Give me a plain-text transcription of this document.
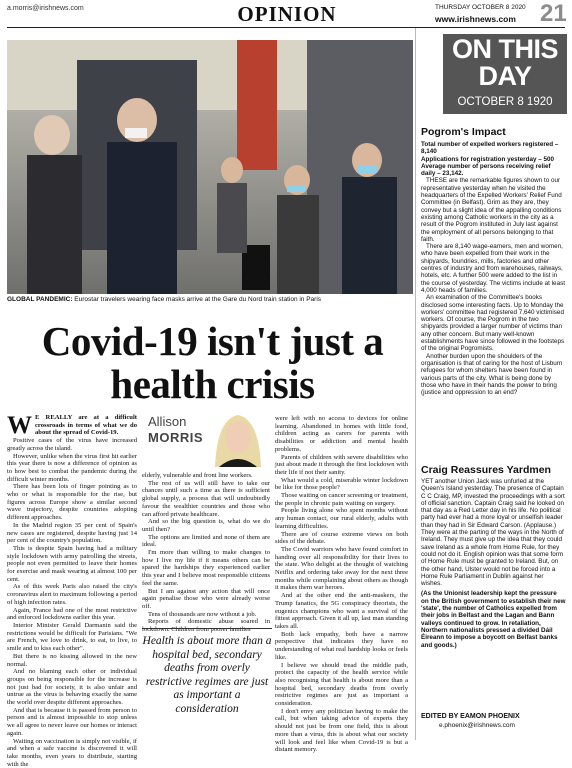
a.morris@irishnews.com	OPINION	THURSDAY OCTOBER 8 2020
www.irishnews.com 21
GLOBAL PANDEMIC: Eurostar travelers wearing face masks arrive at the Gare du Nord train station in Paris
Covid-19 isn't just a health crisis
W E REALLY are at a difficult crossroads in terms of what we do about the spread of Covid-19.

Positive cases of the virus have increased greatly across the island.

However, unlike when the virus first hit earlier this year there is now a difference of opinion as to how best to combat the pandemic during the difficult winter months.

There has been lots of finger pointing as to who or what is responsible for the rise, but figures across Europe show a similar second wave trajectory, despite countries adopting different approaches.

In the Madrid region 35 per cent of Spain's new cases are registered, despite having just 14 per cent of the country's population.

This is despite Spain having had a military style lockdown with army patrolling the streets, people not even permitted to leave their homes for exercise and mask wearing at almost 100 per cent.

As of this week Paris also raised the city's coronavirus alert to maximum following a period of high infection rates.

Again, France had one of the most restrictive and enforced lockdowns earlier this year.

Interior Minister Gerald Darmanin said the restrictions would be difficult for Parisians. "We are French, we love to drink, to eat, to live, to smile and to kiss each other".

But there is no kissing allowed in the new normal.

And no blaming each other or individual groups on being responsible for the increase is not just bad for society, it is also unfair and untrue as the virus is behaving exactly the same the world over despite different approaches.

And that is because it is passed from person to person and is almost impossible to stop unless we all agree to never leave our homes or interact again.

Waiting on vaccination is simply not visible, if and when a safe vaccine is discovered it will take months, even years to distribute, starting with the

Allison
MORRIS

elderly, vulnerable and front line workers.

The rest of us will still have to take our chances until such a time as there is sufficient global supply, a process that will undoubtedly favour the wealthier countries and those who can afford private healthcare.

And so the big question is, what do we do until then?

The options are limited and none of them are ideal.

I'm more than willing to make changes to how I live my life if it means others can be spared the hardships they experienced earlier this year and I believe most responsible citizens feel the same.

But I am against any action that will once again penalise those who were already worse off.

Tens of thousands are now without a job.

Reports of domestic abuse soared in lockdown. Children from poorer families

Health is about more than a hospital bed, secondary deaths from overly restrictive regimes are just as important a consideration

were left with no access to devices for online learning. Abandoned in homes with little food, children acting as carers for parents with disabilities or addiction and mental health problems.

Parents of children with severe disabilities who just about made it through the first lockdown with their life if not their sanity.

What would a cold, miserable winter lockdown be like for those people?

Those waiting on cancer screening or treatment, the people in chronic pain waiting on surgery.

People living alone who spent months without any human contact, our rural elderly, adults with learning difficulties.

There are of course extreme views on both sides of the debate.

The Covid warriors who have found comfort in handing over all responsibility for their lives to the state. Who delight at the thought of watching Netflix and ordering take away for the next three months while complaining about others as though it makes them war heroes.

And at the other end the anti-maskers, the Trump fanatics, the 5G conspiracy theorists, the eugenics champions who want a survival of the fittest approach. Given it all up, last man standing takes all.

Both lack empathy, both have a narrow perspective that indicates they have no understanding of what real hardship looks or feels like.

I believe we should tread the middle path, protect the capacity of the health service while also recognising that health is about more than a hospital bed, secondary deaths from overly restrictive regimes are just as important a consideration.

I don't envy any politician having to make the call, but when taking advice of experts they should not just be from one field, this is about more than a virus, this is about what our society will look and feel like when Covid-19 is but a distant memory.

ON THIS DAY
OCTOBER 8 1920
Pogrom's Impact

Total number of expelled workers registered – 8,140

Applications for registration yesterday – 500

Average number of persons receiving relief daily – 23,142.

THESE are the remarkable figures shown to our representative yesterday when he visited the headquarters of the Expelled Workers' Relief Fund Committee (in Belfast). Grim as they are, they convey but a slight idea of the appalling conditions existing among Catholic workers in the city as a result of the Pogrom instituted in July last against the employment of all persons belonging to that faith.

There are 8,140 wage-earners, men and women, who have been expelled from their work in the shipyards, foundries, mills, factories and other centres of industry and from warehouses, railways, hotels, etc. A further 500 were added to the list in the course of yesterday. The victims include at least 4,000 heads of families.

An examination of the Committee's books disclosed some interesting facts. Up to Monday the workers' committee had registered 7,640 victimised workers. Of course, the Pogrom in the two shipyards provided a larger number of victims than any other concern. But many well-known establishments have since followed in the footsteps of the original Pogromists.

Another burden upon the shoulders of the organisation is that of caring for the host of Lisburn refugees for whom shelters have been found in various parts of the city. What is being done by those who have in their hands the power to bring (justice and oppression to an end?

Craig Reassures Yardmen

YET another Union Jack was unfurled at the Queen's Island yesterday. The presence of Captain C C Craig, MP, invested the proceedings with a sort of official sanction. Captain Craig said he looked on that day as a Red Letter day in his life. No political party had ever had a more loyal or unselfish leader than they had in Sir Edward Carson. (Applause.) They were at the parting of the ways in the North of Ireland. They must give up the idea that they could save Ireland as a whole from Home Rule, for they could not do it. English opinion was that some form of Home Rule must be granted to Ireland. But, on the other hand, Ulster would not be forced into a Home Rule Parliament in Dublin against her wishes.

(As the Unionist leadership kept the pressure on the British government to establish their new 'state', the number of Catholics expelled from their jobs in Belfast and the Lagan and Bann valleys continued to grow. In retaliation, Northern nationalists pressed a divided Dáil Éireann to impose a boycott on Belfast banks and goods.)

EDITED BY EAMON PHOENIX
e.phoenix@irishnews.com
